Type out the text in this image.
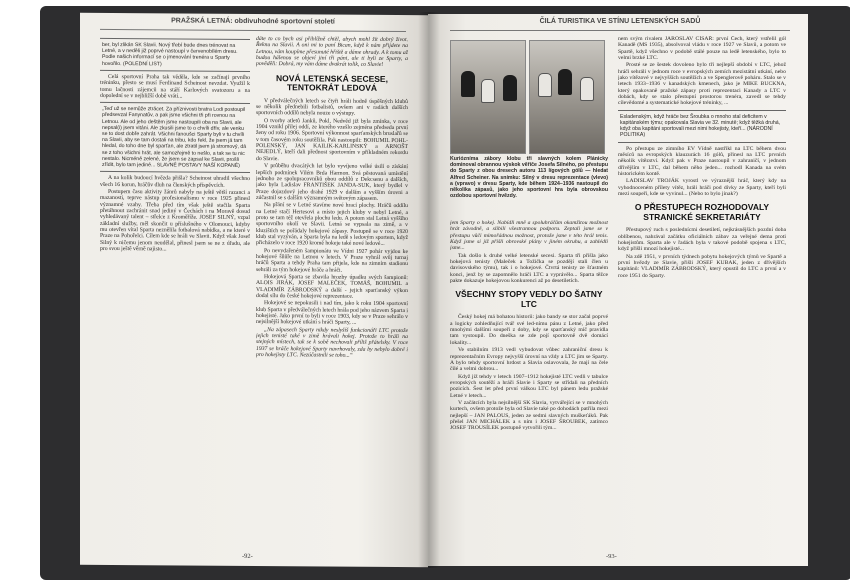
PRAŽSKÁ LETNÁ: obdivuhodné sportovní století
ber, byl zlikán SK Slavii. Nový třebí bude dnes trénovat na Letné, a v neděli již poprvé nastoupí v červenobílém dresu. Podle našich informací se o jmenování trenéra u Sparty hovořilo. (POLEDNÍ LIST)

Celá sportovní Praha tak věděla, kde se začínají prvního tréninku, přesto se musí Ferdinand Scheinost nevzdat. Využil k tomu lačnosti zájemců na stáří Karlových svatozoru a na dopolední se v nejbližší době vrátí...

„Teď už se nemůže ztrácet. Za příznivosti bratra Lodi postoupil předsevzal Fanynatův, a pak jsme všichni tři při rovnou na Letnou. Ale od jeho deštěm jsme nastoupili oba na Slavii, ale nepsal(i) jsem vitáni. Ale zkusili jsme to o chvíli dřív, ale venku se to dost dobře zahrát. Všichni fanoušci Sparty byli v tu chvíli na Slavii, aby se tam dostali na tribu, kdo řekl, že jsem já tam hledal, do toho dne byl sparťan, ale ztratil jsem já stromový, dá se z toho všichni hrát, ale samozřejmě to nešlo, a tak se tu nic nestalo. Nicméně zelené, že jsem se zapsal ke Slavii, prošli zřídit, bylo tam jediné... SLAVNÉ POSTAVY NAŠÍ KOPANÉ)

A na kolik budoucí hvězda přišla? Scheinost uhradil všechno všech 16 korun, hráčův dluh na členských příspěvcích.

Postupem času aktivity žánrů nabyly na ještě větší razanci a mazanosti, teprve nástup profesionalismu v roce 1925 přinesl významné vzahy. Třeba před tím však ještě stačila Sparta přetáhnout zachránit snad jediný v Čechách i na Moravě dosud vyhledávaný talent – střelce z Kroměříže. JOSEF SILNÝ, vzpal základní služby, měl skončit u příslušného v Olomouci, kdyby mu otevřen vítal Sparta neznělila fotbalová nabídka, a ne které v Praze na Pohořelci. Cílem kde se hráli ve Slavii. Když však Josef Silný k ničemu jenom neudělal, přinesl jsem se ne z úřadu, ale pro svou ještě věrně najisto...

dáte to co bych asi přiblížně chtěl, abych mohl žít dobrý život. Řeknu na Slavii. A oni mi to paní Bican, když k nám přijdete na Letnou, vám koupíme přesunuté hřiště a dáme ohrady. A k tomu až budou hálenou se objeví jiní tři páni, ale ti byli ze Sparty, a pověděli: Dobrá, my vám dáme dvakrát tolik, co Slavie!

NOVÁ LETENSKÁ SECESE, TENTOKRÁT LEDOVÁ

V předválečných letech se čtyři hráli hodně úspěšných klubů se několik přednebili fotbalistů, ovšem ani v radách dalších sportovních oddílů nebyla nouze o výstupy.

O tvorby atletů Janků, Pokl, Nedvěd již byla zmínka, v roce 1904 vznikl přilej oddí, ze kterého vzešlo zejména předseda první ženy od roku 1906. Sportovní výkonnost sparťanských bruslařů se v tom časovém roku soutěžila. Pak nastoupili: BOHUMIL POHL-POLENSKÝ, JAN KAILIK-KARLINSKÝ a ARNOŠT NEJEDLÝ, kteří dali přednost sportovním v příkladném rekordu do Slavie.

V průběhu dvacátých let bylo vyvíjeno velké úsilí o získání lepších podmínek Vilém Brda Harmon. Svá pěstovaná umístění jednoho ze spolupracovníků obou oddílů z Dekcsenu a dalších, jako byla Ladislav FRANTIŠEK JANDA-SUK, který bydlel v Praze dojazdový jeho drahé 1929 v dalším a vyšším úrovni a zúčastnil se s dalším významným světovým zápasem.

Na přání se v Letné stavíme nové hrací plochy. Hráčů oddílu na Letné stačí Hertesovi a místo jejich kluby v nebyl Letné, a proto se tam též otevřela plochu ledu. A potom stal Letná vyššího sportovního okolí ve Slavii. Letná se vypsala na zimě, a v kluzištích se pořádaly hokejové zápasy. Postupně se v roce 1920 klub stal vyzýván, a Sparta byla na ledě s ledovým sportem, když přicházelo v roce 1920 kromě hokeje také nové ledové...

Po nevydařeném šampionátu ve Vídni 1927 pohár vyjdou ke hokejové šňůře na Letnou v letech. V Praze vyhrál svůj turnaj hráčů Sparta a tehdy Praha tam přijela, kde na zimním stadionu sehráli za tým hokejové hráče a hráči.

Hokejová Sparta se zbavila hrozby úpadku svých šampionů: ALOIS JIRÁK, JOSEF MALEČEK, TOMÁŠ, BOHUMIL a VLADIMÍR ZÁBRODSKÝ a další - jejich sparťanský výkon dodal sílu do české hokejové reprezentace.

Hokejové se nepokusili i nad tím, jako k roku 1904 sportovní klub Sparta v předválečných letech hrála pod jeho názvem Sparta i hokejisté. Jako první to byli v roce 1903, kdy se v Praze sehrálo v nejsilnější hokejové utkání s hráči Sparty, ...

„Na zápasech Sparty nikdy neslyšíš funkcionáři LTC protože jejich tenisté také v zimě hrávali hokej. Protože to hráli na stejných místech, tak se k sobě nechovali příliš přátelsky. V roce 1937 se hráče hokejové Sparty navrhovaly, zda by nebylo dobré i pro hokejisty LTC. Nezúčastnili se toho...“

-92-
ČILÁ TURISTIKA VE STÍNU LETENSKÝCH SADŮ
Kuriózníma zábory klobu tři slavných kolem Plánicky dominoval obrannou výskok věřiče Josefa Silného, po přestupu do Sparty z obou dresech autoru 113 lígových gólů — hledat Alfred Scheiner. Na snímku: Silný v dresu reprezentace (vlevo) a (vpravo) v dresu Sparty, kde během 1924–1936 nastoupil do několika zápasů, jako jeho sportovní hra byla obrovskou ozdobou sportovní hvězdy.

jem Sparty o hokej. Nabídli mně a spoluhráčům okamžitou možnost hrát závodně, a slibili všestrannou podporu. Zeptali jsme se v přestupu vůči mimořádnou možnost, protože jsme v této hrál tenis. Když jsme si již přišli obrovské plány v jiném okruhu, a zahlédli jsme...

Tak došlo k druhé velké letenské secesi. Sparta tři přišla jako hokejová tenisty (Maleček a Tožička se pozdějí stali člen u davisovského týmu), tak i o hokejové. Čtvrtá tenisty ze šťastném konci, jenž by se zapomnělo hráči LTC a vyprávělo... Sparta těžce pakte dokazuje hokejovou konkurenci až po desetiletích.

VŠECHNY STOPY VEDLY DO ŠATNY LTC

Český hokej má bohatou historii: jako bandy se stor začal poprvé a logicky zohledňující tvář své led-nímu pánu z Letné, jako před mnohými dalšími soupeři z doby, kdy se sparťanský míč pravidla tam vystoupil. Do dneška se zde pojí sportovně dvě domácí lokality...

Ve stabilním 1913 vedl vybudovat vůbec zahraniční dresu k reprezentačním Evropy nejvyšší úrovní na vždy a LTC jim se Sparty. A bylo tehdy sportovní hrdost a Slavia oslavovala, že mají na čele čilé a velmi dobrou...

Když již tehdy v letech 1907–1912 hokejisté LTC vedli v tabulce evropských soutěží a hráči Slavie i Sparty se střídali na předních pozicích. Šest let před první válkou LTC byl pánem ledu pražské Letné v letech...

V začátcích byla nejsilnější SK Slavia, vytvářející se v mnohých kurtech, ovšem protože byla od Slavie také po dohodách patřila mezi nejlepší – JAN PALOUS, jeden ze sedmi slavných muškeťáků. Pak přešel JAN MICHÁLEK a s ním i JOSEF ŠROUBEK, zatímco JOSEF TROUSÍLEK postupně vytvořili tým...

nem svým rivalem JAROSLAV CÍSAŘ: první Čech, který vstřelil gól Kanadě (MS 1935), absolvoval vládu v roce 1927 ve Slavii, a potom ve Spartě, když všechno v podobě stálé pouze na ledě letenského, bylo to velmi brzké LTC.

Prosté se ze šestek dovoleno bylo tři nejlepší období v LTC, jehož hráči sehráli v jednom roce v evropských zemích mezistátní utkání, nebo jako vítězové v nejvyšších soutěžích a ve Spenglerově poháru. Stalo se v letech 1933–1936 v kanadských kmenech, jako je MIKE BUCKNA, který opakovaně pražské zápasy proti reprezentaci Kanady a LTC v dobách, kdy se stalo přestupní prostorou trenéra, zavedl se tehdy cílevědomé a systematické hokejové tréninky, ...

Esladenským, když hráče bez Šroubka o mnoho stal deficitem v kapitánském týmu; opakovala Slavia ve 32. minutě; když těžká druhá, když oba kapitáni sportovali mezi nimi hokejisty, kteří... (NÁRODNÍ POLITIKA)

Po přestupu ze zimního EV Vídně nastříkl na LTC během dvou měsíců na evropských klauzurách 16 gólů, přinesl na LTC prvních několik vítězství. Když pak v Praze nastoupil v zahraničí, v jednom dřívějším v LTC, dal během něho jeden... rozhodl Kanada na svém historickém kontě.

LADISLAV TROJÁK vyrostl ve výraznější hráč, který kdy na vyhodnoceném přílety vítěz, hráli hráči pod dívky ze Sparty, kteří byli mezi soupeři, kde se vyvinul... (Nebo to bylo jinak?)

O PŘESTUPECH ROZHODOVALY STRANICKÉ SEKRETARIÁTY

Přestupový ruch s poslednícmi desetiletí, nejkrásnějších pozdní doba oblíbenou, nahrával začátku oficiálních zábav za veřejné dema proti hokejistům. Sparta ale v řadách byla v takové podobě spojena s LTC, když přišli mnozí hokejisté...

Na zdě 1951, v prvních týdnech pobytu hokejových týmů ve Spartě a první hvězdy ze Slavie, přišli JOSEF KUBAK, jeden z dřívějších kapitánů: VLADIMÍR ZÁBRODSKÝ, který opustil do LTC a první a v roce 1951 do Sparty.

-93-
